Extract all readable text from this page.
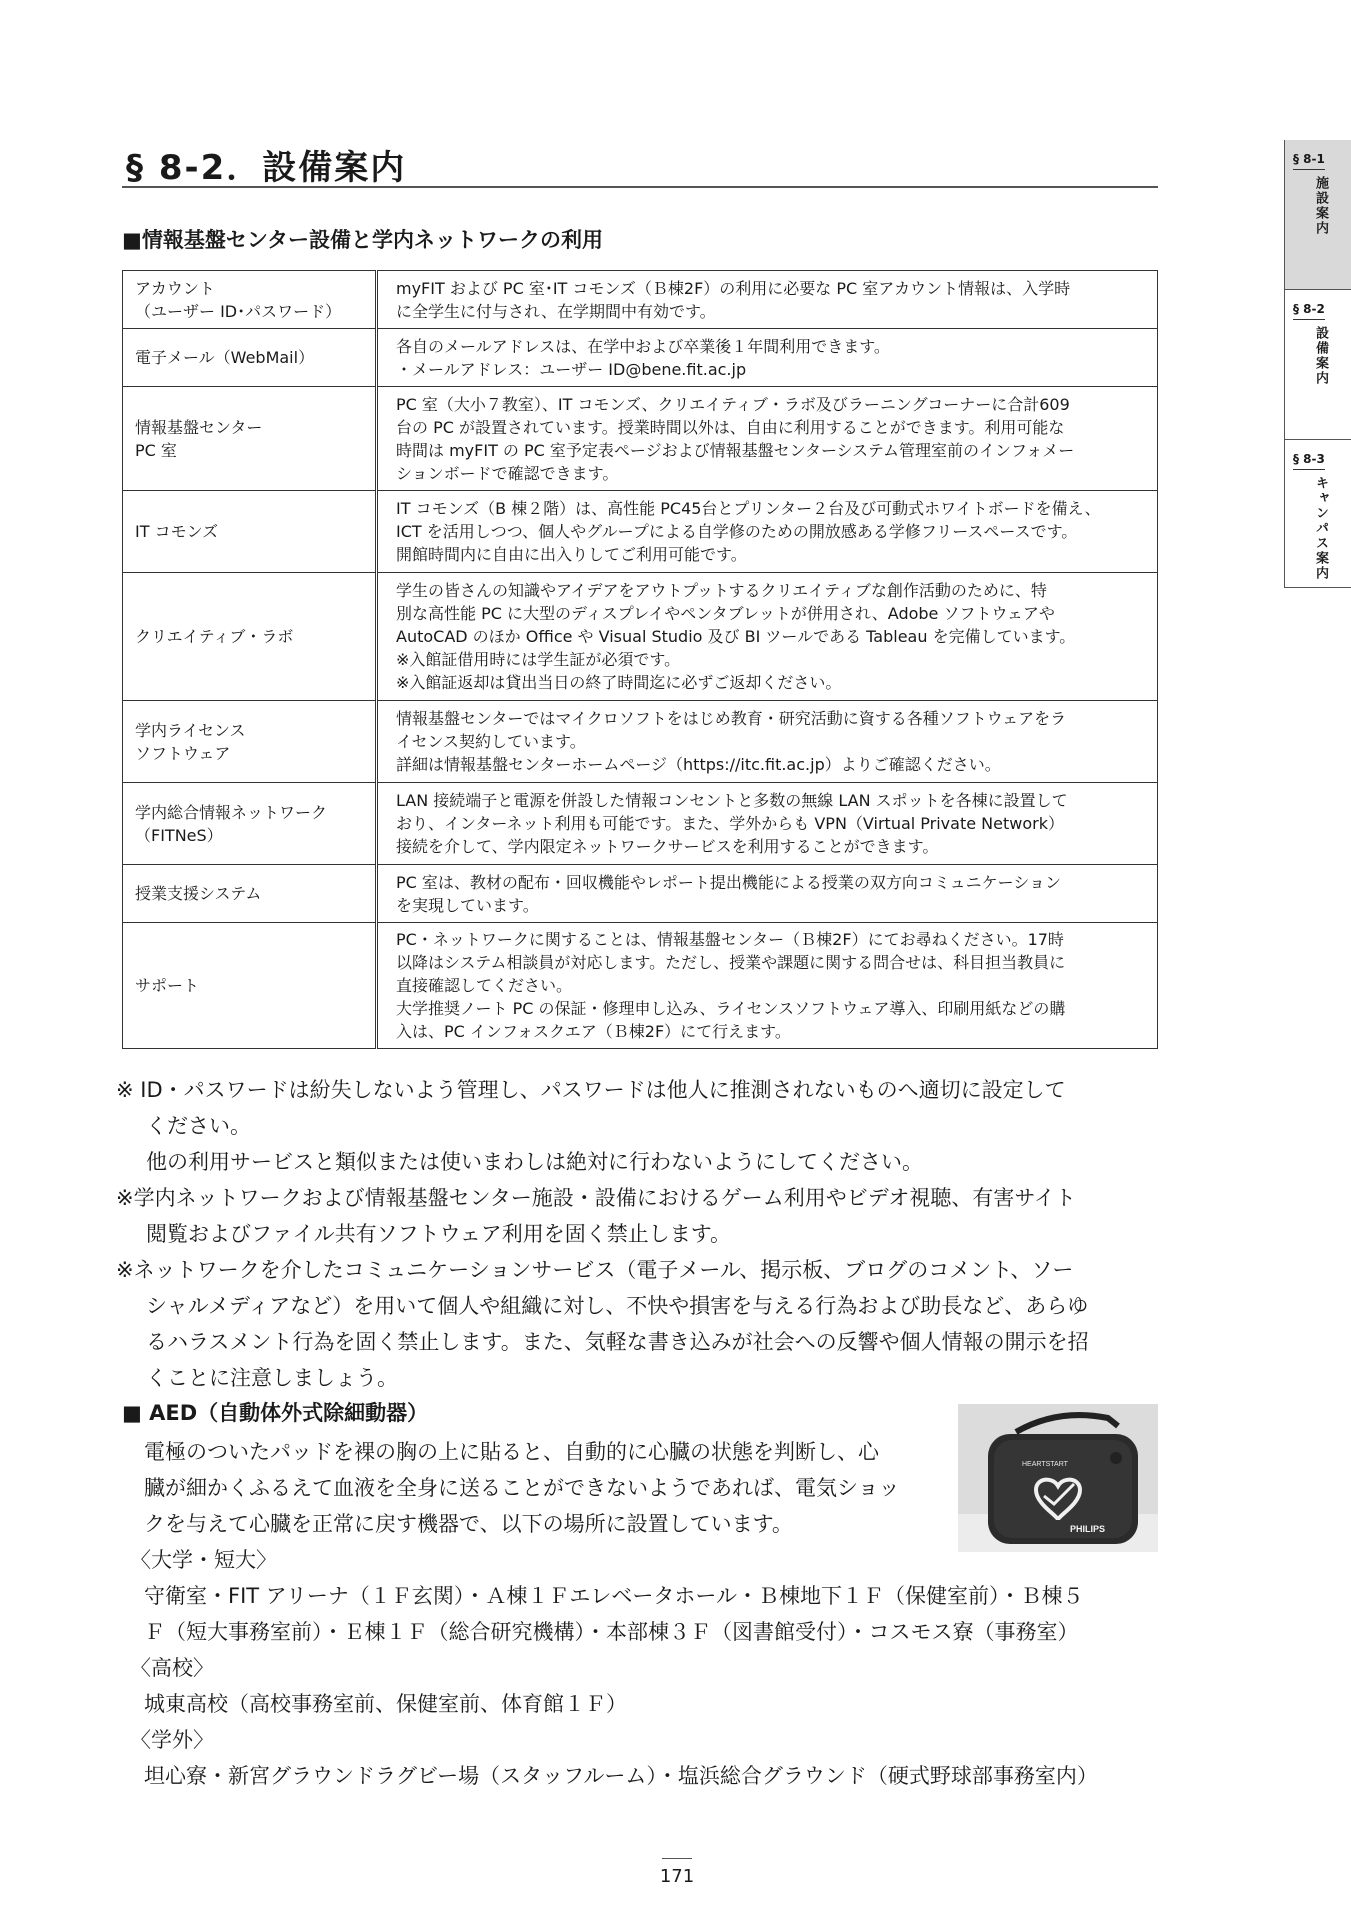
§ 8-2．設備案内	§ 8-1
施設案内
§ 8-2
設備案内
§ 8-3
キャンパス案内
■情報基盤センター設備と学内ネットワークの利用
アカウント
（ユーザー ID･パスワード）	myFIT および PC 室･IT コモンズ（Ｂ棟2F）の利用に必要な PC 室アカウント情報は、入学時
に全学生に付与され、在学期間中有効です。

電子メール（WebMail）	各自のメールアドレスは、在学中および卒業後１年間利用できます。
・メールアドレス：ユーザー ID@bene.fit.ac.jp

情報基盤センター
PC 室	PC 室（大小７教室）、IT コモンズ、クリエイティブ・ラボ及びラーニングコーナーに合計609
台の PC が設置されています。授業時間以外は、自由に利用することができます。利用可能な
時間は myFIT の PC 室予定表ページおよび情報基盤センターシステム管理室前のインフォメー
ションボードで確認できます。

IT コモンズ	IT コモンズ（B 棟２階）は、高性能 PC45台とプリンター２台及び可動式ホワイトボードを備え、
ICT を活用しつつ、個人やグループによる自学修のための開放感ある学修フリースペースです。
開館時間内に自由に出入りしてご利用可能です。

クリエイティブ・ラボ	学生の皆さんの知識やアイデアをアウトプットするクリエイティブな創作活動のために、特
別な高性能 PC に大型のディスプレイやペンタブレットが併用され、Adobe ソフトウェアや
AutoCAD のほか Office や Visual Studio 及び BI ツールである Tableau を完備しています。
※入館証借用時には学生証が必須です。
※入館証返却は貸出当日の終了時間迄に必ずご返却ください。

学内ライセンス
ソフトウェア	情報基盤センターではマイクロソフトをはじめ教育・研究活動に資する各種ソフトウェアをラ
イセンス契約しています。
詳細は情報基盤センターホームページ（https://itc.fit.ac.jp）よりご確認ください。

学内総合情報ネットワーク
（FITNeS）	LAN 接続端子と電源を併設した情報コンセントと多数の無線 LAN スポットを各棟に設置して
おり、インターネット利用も可能です。また、学外からも VPN（Virtual Private Network）
接続を介して、学内限定ネットワークサービスを利用することができます。

授業支援システム	PC 室は、教材の配布・回収機能やレポート提出機能による授業の双方向コミュニケーション
を実現しています。

サポート	PC・ネットワークに関することは、情報基盤センター（Ｂ棟2F）にてお尋ねください。17時
以降はシステム相談員が対応します。ただし、授業や課題に関する問合せは、科目担当教員に
直接確認してください。
大学推奨ノート PC の保証・修理申し込み、ライセンスソフトウェア導入、印刷用紙などの購
入は、PC インフォスクエア（Ｂ棟2F）にて行えます。

※ ID・パスワードは紛失しないよう管理し、パスワードは他人に推測されないものへ適切に設定して
ください。
他の利用サービスと類似または使いまわしは絶対に行わないようにしてください。

※学内ネットワークおよび情報基盤センター施設・設備におけるゲーム利用やビデオ視聴、有害サイト
閲覧およびファイル共有ソフトウェア利用を固く禁止します。

※ネットワークを介したコミュニケーションサービス（電子メール、掲示板、ブログのコメント、ソー
シャルメディアなど）を用いて個人や組織に対し、不快や損害を与える行為および助長など、あらゆ
るハラスメント行為を固く禁止します。また、気軽な書き込みが社会への反響や個人情報の開示を招
くことに注意しましょう。

■ AED（自動体外式除細動器）
電極のついたパッドを裸の胸の上に貼ると、自動的に心臓の状態を判断し、心
臓が細かくふるえて血液を全身に送ることができないようであれば、電気ショッ
クを与えて心臓を正常に戻す機器で、以下の場所に設置しています。
HEARTSTART
PHILIPS

〈大学・短大〉

守衛室・FIT アリーナ（１Ｆ玄関）・Ａ棟１Ｆエレベータホール・Ｂ棟地下１Ｆ（保健室前）・Ｂ棟５
Ｆ（短大事務室前）・Ｅ棟１Ｆ（総合研究機構）・本部棟３Ｆ（図書館受付）・コスモス寮（事務室）

〈高校〉

城東高校（高校事務室前、保健室前、体育館１Ｆ）

〈学外〉

坦心寮・新宮グラウンドラグビー場（スタッフルーム）・塩浜総合グラウンド（硬式野球部事務室内）

171
